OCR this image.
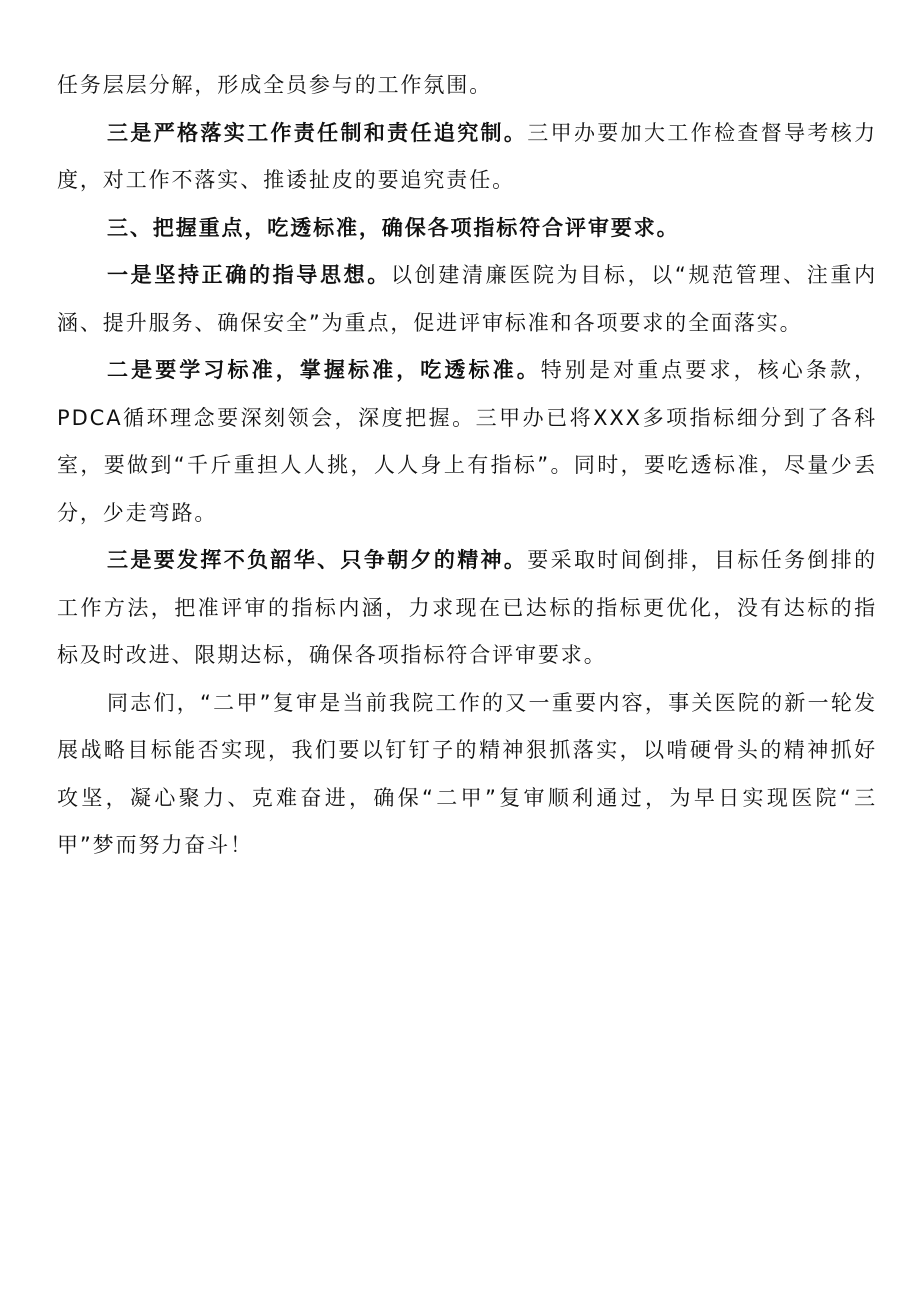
任务层层分解，形成全员参与的工作氛围。

三是严格落实工作责任制和责任追究制。三甲办要加大工作检查督导考核力度，对工作不落实、推诿扯皮的要追究责任。

三、把握重点，吃透标准，确保各项指标符合评审要求。

一是坚持正确的指导思想。以创建清廉医院为目标，以“规范管理、注重内涵、提升服务、确保安全”为重点，促进评审标准和各项要求的全面落实。

二是要学习标准，掌握标准，吃透标准。特别是对重点要求，核心条款，PDCA循环理念要深刻领会，深度把握。三甲办已将XXX多项指标细分到了各科室，要做到“千斤重担人人挑，人人身上有指标”。同时，要吃透标准，尽量少丢分，少走弯路。

三是要发挥不负韶华、只争朝夕的精神。要采取时间倒排，目标任务倒排的工作方法，把准评审的指标内涵，力求现在已达标的指标更优化，没有达标的指标及时改进、限期达标，确保各项指标符合评审要求。

同志们，“二甲”复审是当前我院工作的又一重要内容，事关医院的新一轮发展战略目标能否实现，我们要以钉钉子的精神狠抓落实，以啃硬骨头的精神抓好攻坚，凝心聚力、克难奋进，确保“二甲”复审顺利通过，为早日实现医院“三甲”梦而努力奋斗！
